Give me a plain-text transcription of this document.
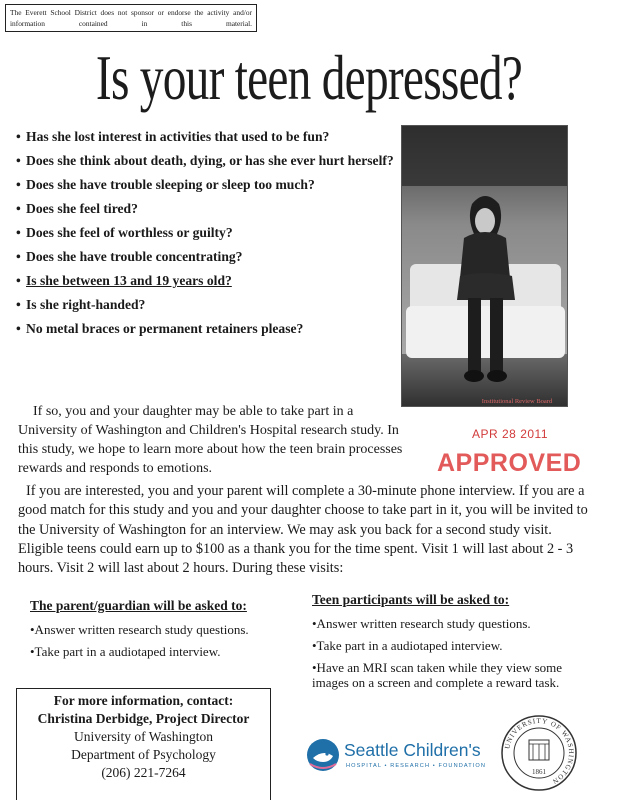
The Everett School District does not sponsor or endorse the activity and/or information contained in this material.
Is your teen depressed?
• Has she lost interest in activities that used to be fun?
• Does she think about death, dying, or has she ever hurt herself?
• Does she have trouble sleeping or sleep too much?
• Does she feel tired?
• Does she feel of worthless or guilty?
• Does she have trouble concentrating?
• Is she between 13 and 19 years old?
• Is she right-handed?
• No metal braces or permanent retainers please?
Institutional Review Board
APR 28 2011
APPROVED
If so, you and your daughter may be able to take part in a University of Washington and Children's Hospital research study. In this study, we hope to learn more about how the teen brain processes rewards and responds to emotions.
If you are interested, you and your parent will complete a 30-minute phone interview. If you are a good match for this study and you and your daughter choose to take part in it, you will be invited to the University of Washington for an interview. We may ask you back for a second study visit. Eligible teens could earn up to $100 as a thank you for the time spent. Visit 1 will last about 2 - 3 hours. Visit 2 will last about 2 hours. During these visits:
The parent/guardian will be asked to:
•Answer written research study questions.
•Take part in a audiotaped interview.
Teen participants will be asked to:
•Answer written research study questions.
•Take part in a audiotaped interview.
•Have an MRI scan taken while they view some images on a screen and complete a reward task.
For more information, contact:
Christina Derbidge, Project Director
University of Washington
Department of Psychology
(206) 221-7264
Seattle Children's
HOSPITAL • RESEARCH • FOUNDATION
UNIVERSITY OF WASHINGTON
1861
